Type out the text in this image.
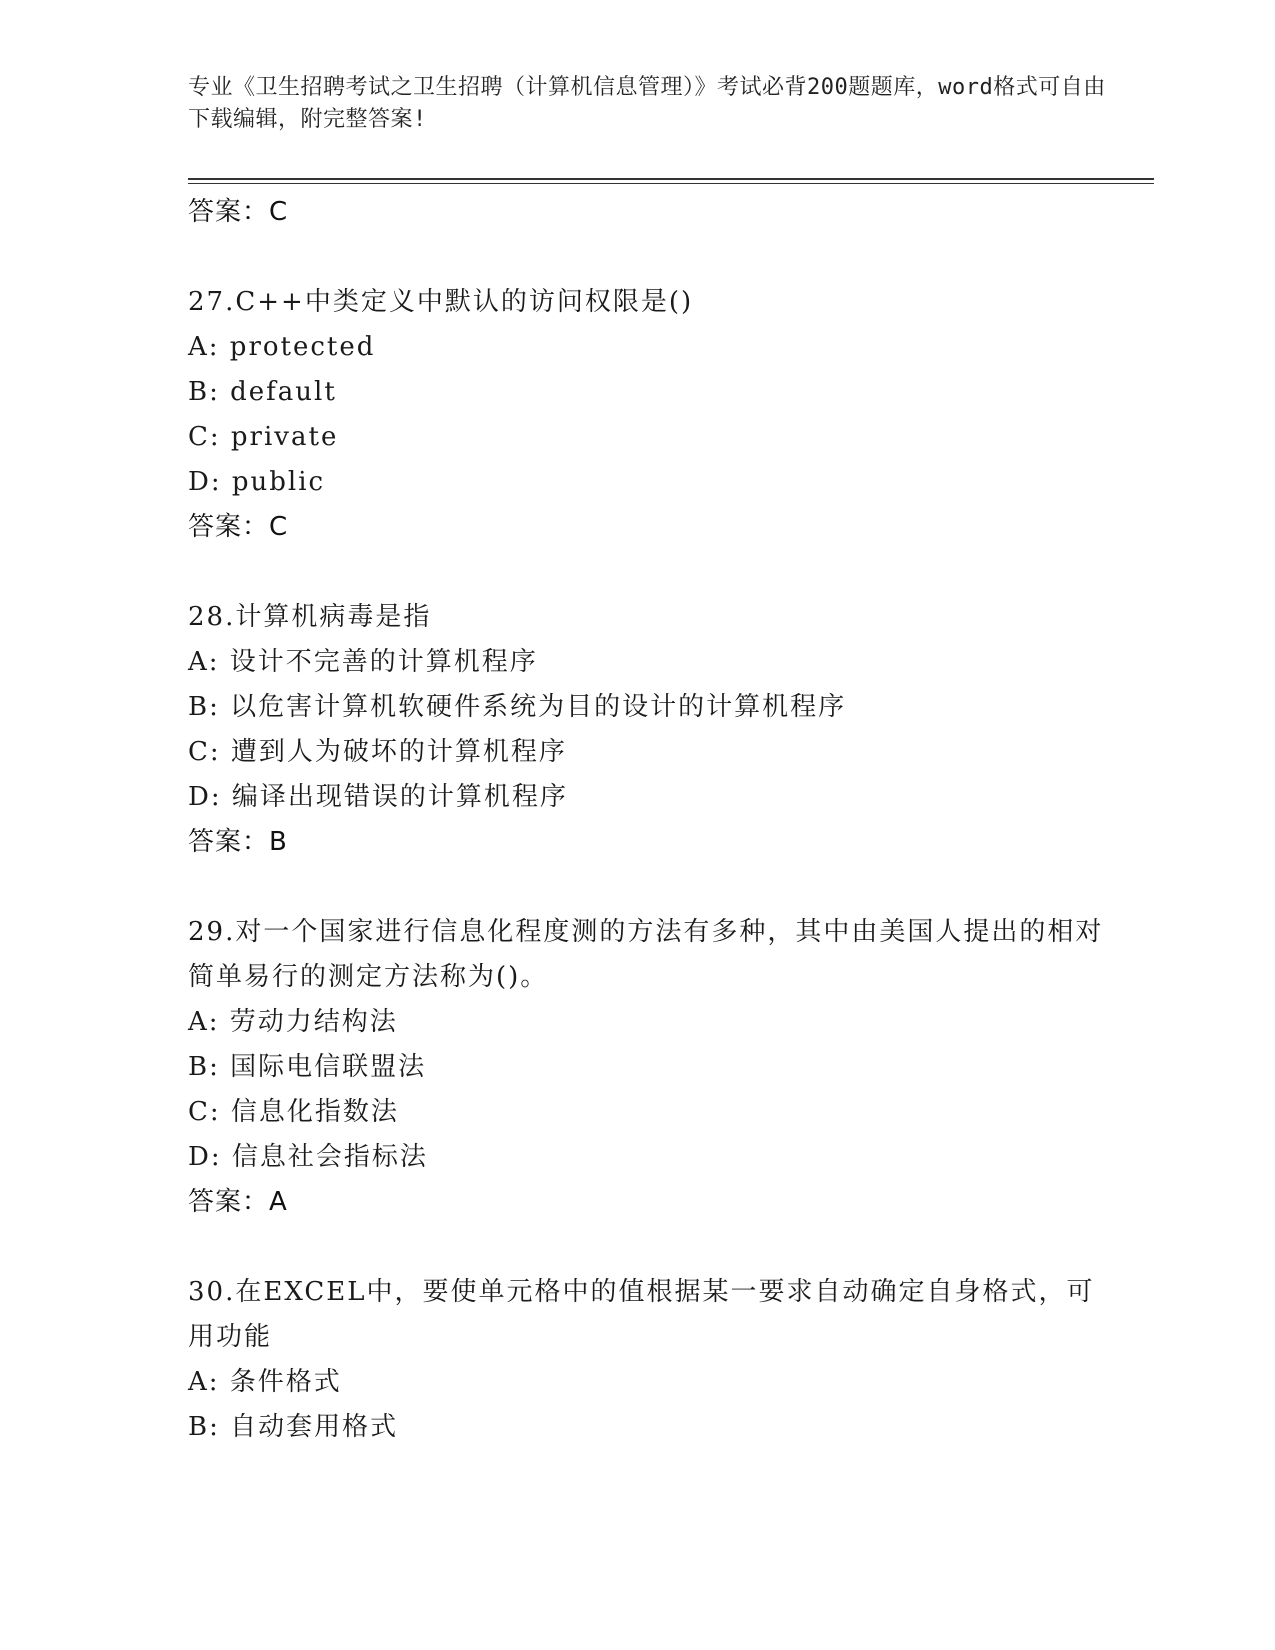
专业《卫生招聘考试之卫生招聘（计算机信息管理）》考试必背200题题库，word格式可自由下载编辑，附完整答案!
答案：C
27.C++中类定义中默认的访问权限是()
A: protected
B: default
C: private
D: public
答案：C
28.计算机病毒是指
A: 设计不完善的计算机程序
B: 以危害计算机软硬件系统为目的设计的计算机程序
C: 遭到人为破坏的计算机程序
D: 编译出现错误的计算机程序
答案：B
29.对一个国家进行信息化程度测的方法有多种，其中由美国人提出的相对简单易行的测定方法称为()。
A: 劳动力结构法
B: 国际电信联盟法
C: 信息化指数法
D: 信息社会指标法
答案：A
30.在EXCEL中，要使单元格中的值根据某一要求自动确定自身格式，可用功能
A: 条件格式
B: 自动套用格式
